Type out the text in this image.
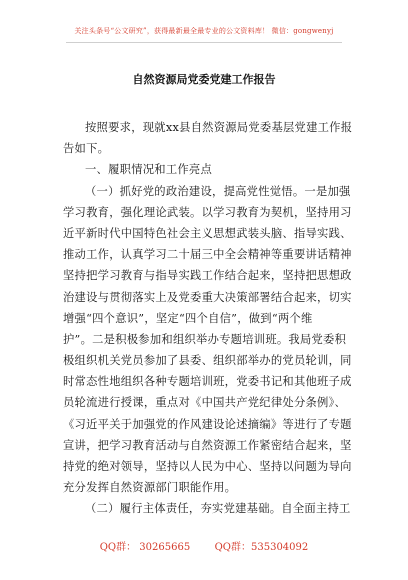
关注头条号“公文研究”，获得最新最全最专业的公文资料库！ 微信：gongwenyj
自然资源局党委党建工作报告
按照要求，现就xx县自然资源局党委基层党建工作报
告如下。
一、履职情况和工作亮点
（一）抓好党的政治建设，提高党性觉悟。一是加强
学习教育，强化理论武装。以学习教育为契机，坚持用习
近平新时代中国特色社会主义思想武装头脑、指导实践、
推动工作，认真学习二十届三中全会精神等重要讲话精神
坚持把学习教育与指导实践工作结合起来，坚持把思想政
治建设与贯彻落实上及党委重大决策部署结合起来，切实
增强“四个意识”，坚定“四个自信”，做到“两个维
护”。二是积极参加和组织举办专题培训班。我局党委积
极组织机关党员参加了县委、组织部举办的党员轮训，同
时常态性地组织各种专题培训班，党委书记和其他班子成
员轮流进行授课，重点对《中国共产党纪律处分条例》、
《习近平关于加强党的作风建设论述摘编》等进行了专题
宣讲，把学习教育活动与自然资源工作紧密结合起来，坚
持党的绝对领导，坚持以人民为中心、坚持以问题为导向
充分发挥自然资源部门职能作用。
（二）履行主体责任，夯实党建基础。自全面主持工
QQ群： 30265665 QQ群：535304092
